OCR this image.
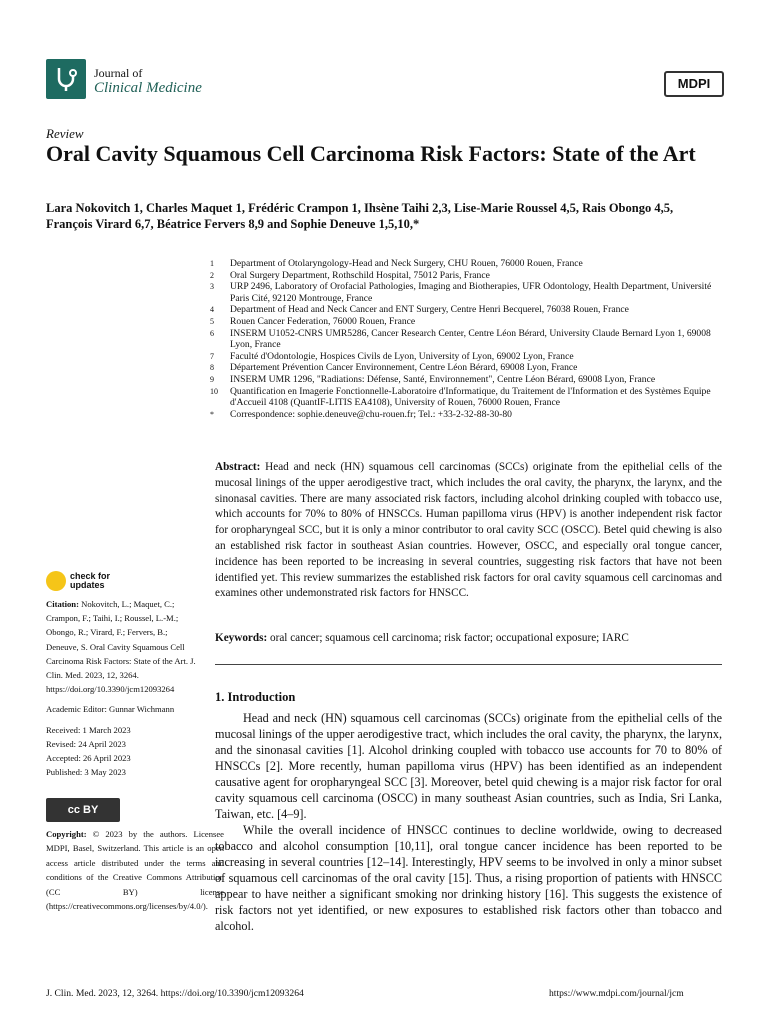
Journal of
Clinical Medicine	MDPI
Review
Oral Cavity Squamous Cell Carcinoma Risk Factors: State of the Art
Lara Nokovitch 1, Charles Maquet 1, Frédéric Crampon 1, Ihsène Taihi 2,3, Lise-Marie Roussel 4,5, Rais Obongo 4,5,
François Virard 6,7, Béatrice Fervers 8,9 and Sophie Deneuve 1,5,10,*
1	Department of Otolaryngology-Head and Neck Surgery, CHU Rouen, 76000 Rouen, France
2	Oral Surgery Department, Rothschild Hospital, 75012 Paris, France
3	URP 2496, Laboratory of Orofacial Pathologies, Imaging and Biotherapies, UFR Odontology, Health Department, Université Paris Cité, 92120 Montrouge, France
4	Department of Head and Neck Cancer and ENT Surgery, Centre Henri Becquerel, 76038 Rouen, France
5	Rouen Cancer Federation, 76000 Rouen, France
6	INSERM U1052-CNRS UMR5286, Cancer Research Center, Centre Léon Bérard, University Claude Bernard Lyon 1, 69008 Lyon, France
7	Faculté d'Odontologie, Hospices Civils de Lyon, University of Lyon, 69002 Lyon, France
8	Département Prévention Cancer Environnement, Centre Léon Bérard, 69008 Lyon, France
9	INSERM UMR 1296, "Radiations: Défense, Santé, Environnement", Centre Léon Bérard, 69008 Lyon, France
10	Quantification en Imagerie Fonctionnelle-Laboratoire d'Informatique, du Traitement de l'Information et des Systèmes Equipe d'Accueil 4108 (QuantIF-LITIS EA4108), University of Rouen, 76000 Rouen, France
*	Correspondence: sophie.deneuve@chu-rouen.fr; Tel.: +33-2-32-88-30-80
Abstract: Head and neck (HN) squamous cell carcinomas (SCCs) originate from the epithelial cells of the mucosal linings of the upper aerodigestive tract, which includes the oral cavity, the pharynx, the larynx, and the sinonasal cavities. There are many associated risk factors, including alcohol drinking coupled with tobacco use, which accounts for 70% to 80% of HNSCCs. Human papilloma virus (HPV) is another independent risk factor for oropharyngeal SCC, but it is only a minor contributor to oral cavity SCC (OSCC). Betel quid chewing is also an established risk factor in southeast Asian countries. However, OSCC, and especially oral tongue cancer, incidence has been reported to be increasing in several countries, suggesting risk factors that have not been identified yet. This review summarizes the established risk factors for oral cavity squamous cell carcinomas and examines other undemonstrated risk factors for HNSCC.
Keywords: oral cancer; squamous cell carcinoma; risk factor; occupational exposure; IARC
check for
updates
Citation: Nokovitch, L.; Maquet, C.; Crampon, F.; Taihi, I.; Roussel, L.-M.; Obongo, R.; Virard, F.; Fervers, B.; Deneuve, S. Oral Cavity Squamous Cell Carcinoma Risk Factors: State of the Art. J. Clin. Med. 2023, 12, 3264. https://doi.org/10.3390/jcm12093264
Academic Editor: Gunnar Wichmann
Received: 1 March 2023
Revised: 24 April 2023
Accepted: 26 April 2023
Published: 3 May 2023
cc BY
Copyright: © 2023 by the authors. Licensee MDPI, Basel, Switzerland. This article is an open access article distributed under the terms and conditions of the Creative Commons Attribution (CC BY) license (https://creativecommons.org/licenses/by/4.0/).
1. Introduction

Head and neck (HN) squamous cell carcinomas (SCCs) originate from the epithelial cells of the mucosal linings of the upper aerodigestive tract, which includes the oral cavity, the pharynx, the larynx, and the sinonasal cavities [1]. Alcohol drinking coupled with tobacco use accounts for 70 to 80% of HNSCCs [2]. More recently, human papilloma virus (HPV) has been identified as an independent causative agent for oropharyngeal SCC [3]. Moreover, betel quid chewing is a major risk factor for oral cavity squamous cell carcinoma (OSCC) in many southeast Asian countries, such as India, Sri Lanka, Taiwan, etc. [4–9].

While the overall incidence of HNSCC continues to decline worldwide, owing to decreased tobacco and alcohol consumption [10,11], oral tongue cancer incidence has been reported to be increasing in several countries [12–14]. Interestingly, HPV seems to be involved in only a minor subset of squamous cell carcinomas of the oral cavity [15]. Thus, a rising proportion of patients with HNSCC appear to have neither a significant smoking nor drinking history [16]. This suggests the existence of risk factors not yet identified, or new exposures to established risk factors other than tobacco and alcohol.

J. Clin. Med. 2023, 12, 3264. https://doi.org/10.3390/jcm12093264	https://www.mdpi.com/journal/jcm
